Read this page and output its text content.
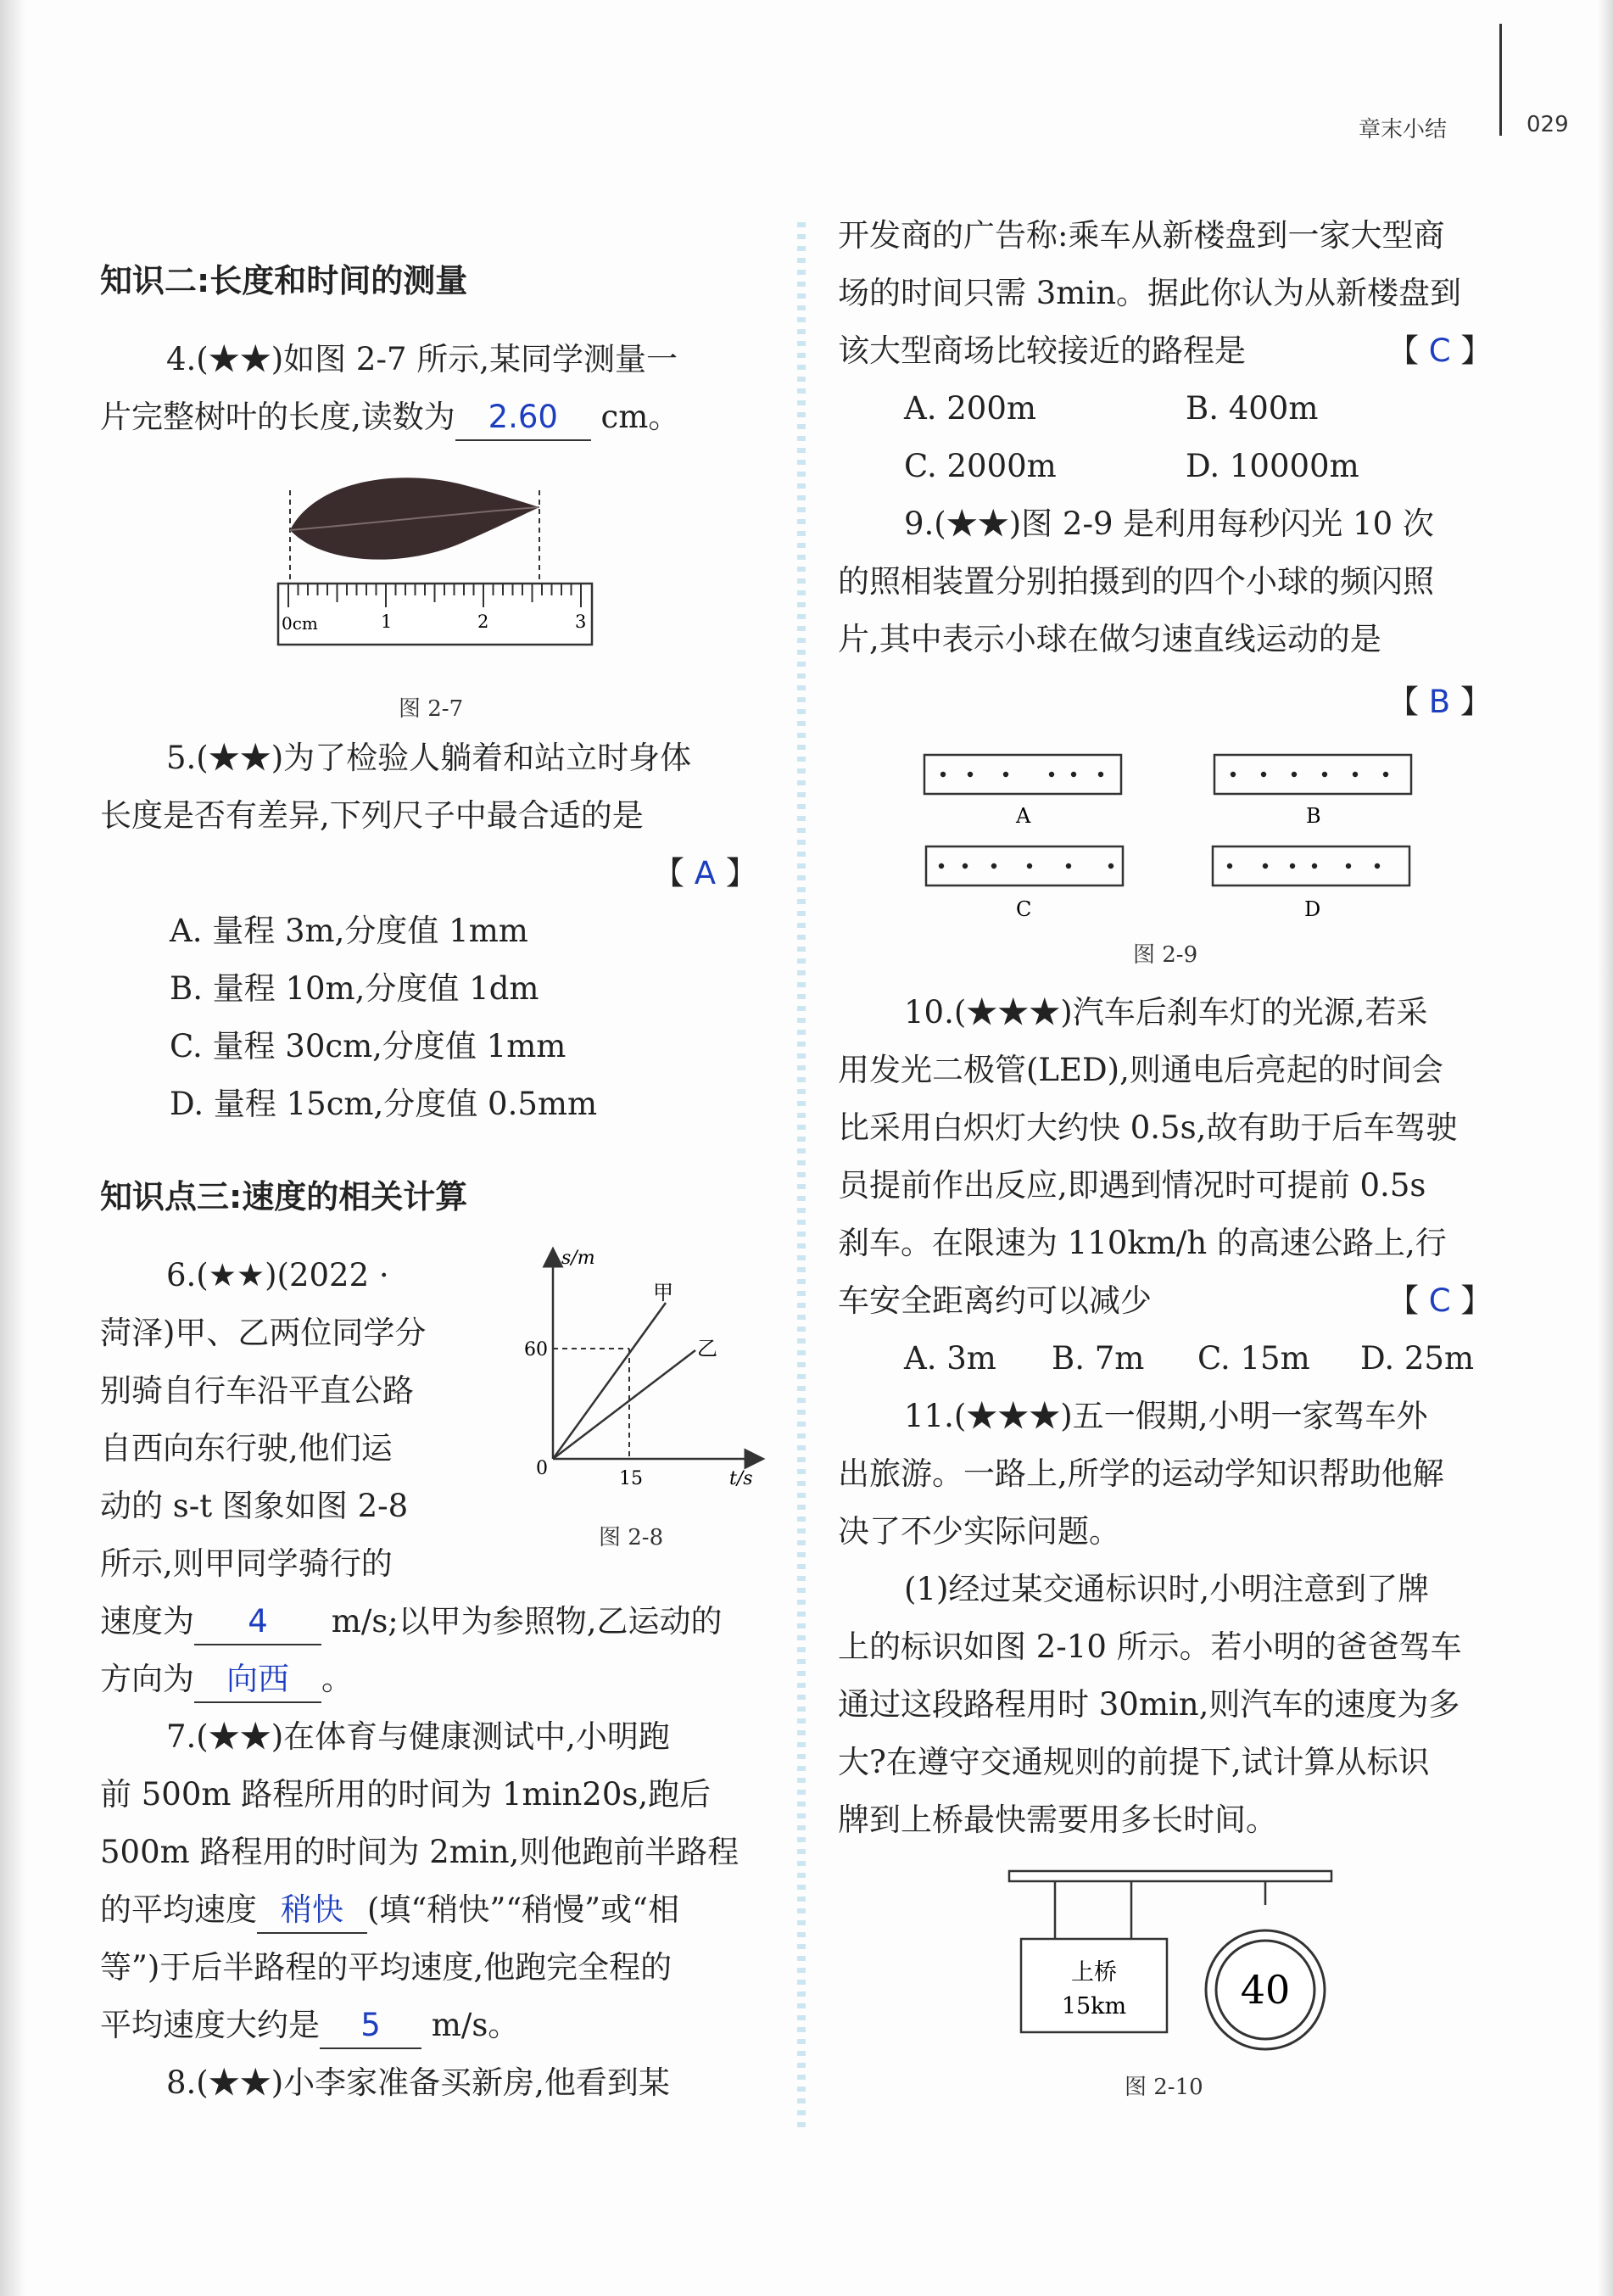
章末小结	029
知识二:长度和时间的测量
4.(★★)如图 2-7 所示,某同学测量一
片完整树叶的长度,读数为 2.60 cm。
0cm	1	2	3
图 2-7
5.(★★)为了检验人躺着和站立时身体
长度是否有差异,下列尺子中最合适的是
【 A 】
A. 量程 3m,分度值 1mm
B. 量程 10m,分度值 1dm
C. 量程 30cm,分度值 1mm
D. 量程 15cm,分度值 0.5mm
知识点三:速度的相关计算
6.(★★)(2022 ·
菏泽)甲、乙两位同学分
别骑自行车沿平直公路
自西向东行驶,他们运
动的 s-t 图象如图 2-8
所示,则甲同学骑行的
速度为 4 m/s;以甲为参照物,乙运动的
方向为 向西 。
s/m
t/s
60
15
0
甲
乙
图 2-8
7.(★★)在体育与健康测试中,小明跑
前 500m 路程所用的时间为 1min20s,跑后
500m 路程用的时间为 2min,则他跑前半路程
的平均速度 稍快 (填“稍快”“稍慢”或“相
等”)于后半路程的平均速度,他跑完全程的
平均速度大约是 5 m/s。
8.(★★)小李家准备买新房,他看到某
开发商的广告称:乘车从新楼盘到一家大型商
场的时间只需 3min。据此你认为从新楼盘到
该大型商场比较接近的路程是	【 C 】
A. 200m	B. 400m
C. 2000m	D. 10000m
9.(★★)图 2-9 是利用每秒闪光 10 次
的照相装置分别拍摄到的四个小球的频闪照
片,其中表示小球在做匀速直线运动的是
【 B 】
A	B
C	D
图 2-9
10.(★★★)汽车后刹车灯的光源,若采
用发光二极管(LED),则通电后亮起的时间会
比采用白炽灯大约快 0.5s,故有助于后车驾驶
员提前作出反应,即遇到情况时可提前 0.5s
刹车。在限速为 110km/h 的高速公路上,行
车安全距离约可以减少	【 C 】
A. 3m B. 7m C. 15m D. 25m
11.(★★★)五一假期,小明一家驾车外
出旅游。一路上,所学的运动学知识帮助他解
决了不少实际问题。
(1)经过某交通标识时,小明注意到了牌
上的标识如图 2-10 所示。若小明的爸爸驾车
通过这段路程用时 30min,则汽车的速度为多
大?在遵守交通规则的前提下,试计算从标识
牌到上桥最快需要用多长时间。
上桥
15km	40
图 2-10
